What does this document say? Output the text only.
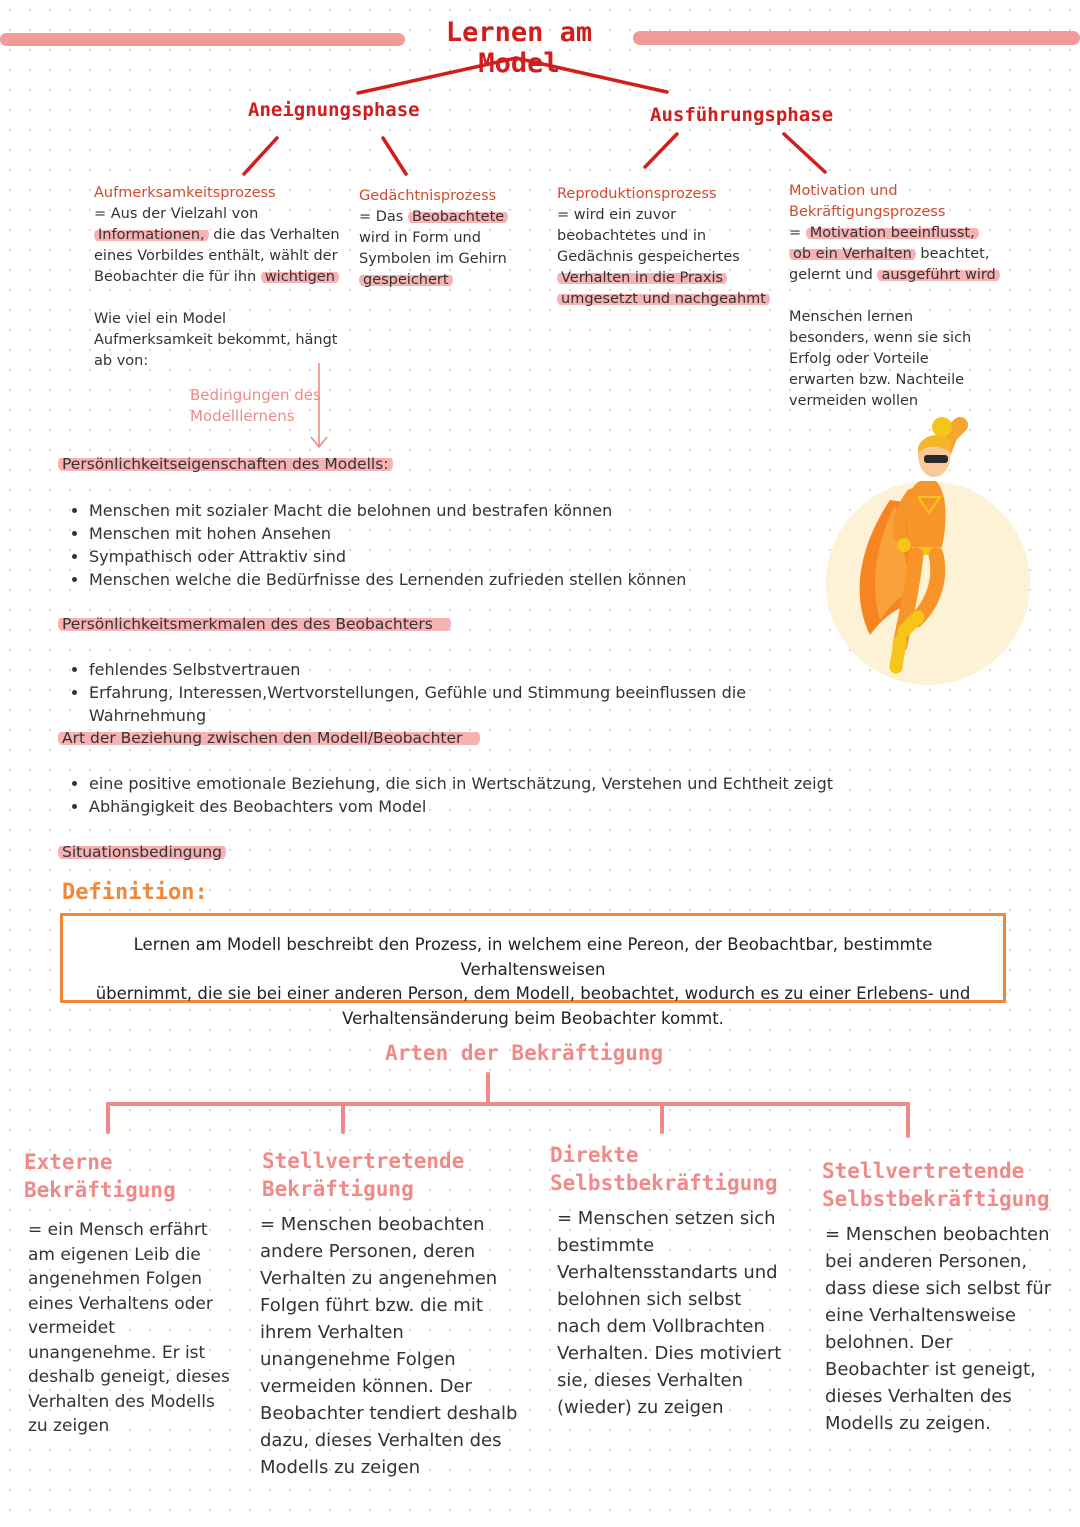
Lernen am Model
Aneignungsphase	Ausführungsphase
Aufmerksamkeitsprozess
= Aus der Vielzahl von
Informationen, die das Verhalten
eines Vorbildes enthält, wählt der
Beobachter die für ihn wichtigen
Wie viel ein Model
Aufmerksamkeit bekommt, hängt
ab von:
Gedächtnisprozess
= Das Beobachtete
wird in Form und
Symbolen im Gehirn
gespeichert
Reproduktionsprozess
= wird ein zuvor
beobachtetes und in
Gedächnis gespeichertes
Verhalten in die Praxis
umgesetzt und nachgeahmt
Motivation und
Bekräftigungsprozess
= Motivation beeinflusst,
ob ein Verhalten beachtet,
gelernt und ausgeführt wird
Menschen lernen
besonders, wenn sie sich
Erfolg oder Vorteile
erwarten bzw. Nachteile
vermeiden wollen
Bedingungen des
Modelllernens
Persönlichkeitseigenschaften des Modells:
• Menschen mit sozialer Macht die belohnen und bestrafen können
• Menschen mit hohen Ansehen
• Sympathisch oder Attraktiv sind
• Menschen welche die Bedürfnisse des Lernenden zufrieden stellen können
Persönlichkeitsmerkmalen des des Beobachters
• fehlendes Selbstvertrauen
• Erfahrung, Interessen,Wertvorstellungen, Gefühle und Stimmung beeinflussen die Wahrnehmung
Art der Beziehung zwischen den Modell/Beobachter
• eine positive emotionale Beziehung, die sich in Wertschätzung, Verstehen und Echtheit zeigt
• Abhängigkeit des Beobachters vom Model
Situationsbedingung
Definition:
Lernen am Modell beschreibt den Prozess, in welchem eine Pereon, der Beobachtbar, bestimmte Verhaltensweisen
übernimmt, die sie bei einer anderen Person, dem Modell, beobachtet, wodurch es zu einer Erlebens- und
Verhaltensänderung beim Beobachter kommt.
Arten der Bekräftigung
Externe
Bekräftigung
= ein Mensch erfährt
am eigenen Leib die
angenehmen Folgen
eines Verhaltens oder
vermeidet
unangenehme. Er ist
deshalb geneigt, dieses
Verhalten des Modells
zu zeigen
Stellvertretende
Bekräftigung
= Menschen beobachten
andere Personen, deren
Verhalten zu angenehmen
Folgen führt bzw. die mit
ihrem Verhalten
unangenehme Folgen
vermeiden können. Der
Beobachter tendiert deshalb
dazu, dieses Verhalten des
Modells zu zeigen
Direkte
Selbstbekräftigung
= Menschen setzen sich
bestimmte
Verhaltensstandarts und
belohnen sich selbst
nach dem Vollbrachten
Verhalten. Dies motiviert
sie, dieses Verhalten
(wieder) zu zeigen
Stellvertretende
Selbstbekräftigung
= Menschen beobachten
bei anderen Personen,
dass diese sich selbst für
eine Verhaltensweise
belohnen. Der
Beobachter ist geneigt,
dieses Verhalten des
Modells zu zeigen.
